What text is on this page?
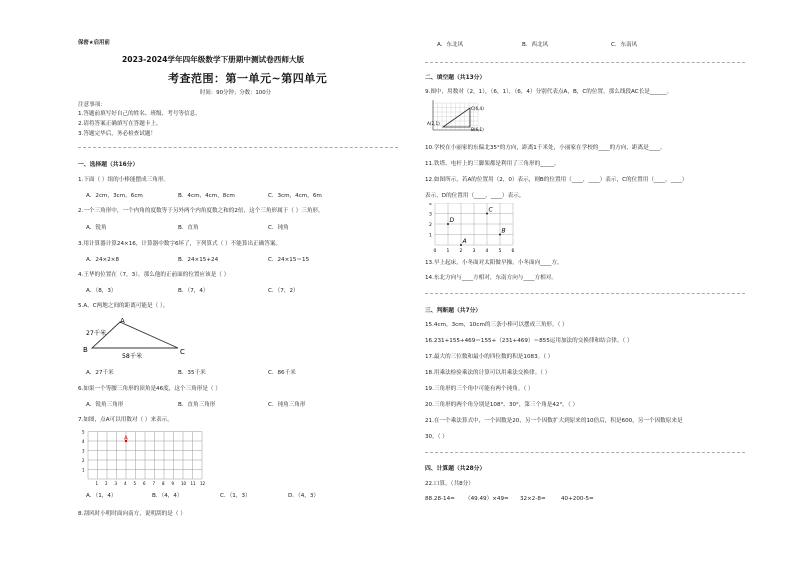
保密★启用前
2023-2024学年四年级数学下册期中测试卷西师大版
考查范围：第一单元~第四单元
时间：90分钟；分数：100分
注意事项：
1.答题前填写好自己的姓名、班级、考号等信息。
2.请将答案正确填写在答题卡上。
3.答题完毕后，务必检查试题！
一、选择题（共16分）
1.下面（ ）组的小棒能摆成三角形。
A．2cm，3cm，6cm	B．4cm，4cm，8cm	C．3cm，4cm，6m
2.一个三角形中，一个内角的度数等于另外两个内角度数之和的2倍，这个三角形属于（ ）三角形。
A．锐角	B．直角	C．钝角
3.用计算器计算24×16，计算器中数字6坏了，下列算式（ ）不能算出正确答案。
A．24×2×8	B．24×15+24	C．24×15＝15
4.王华的位置在（7，3），那么他的正前面的位置应该是（ ）
A．（8，3）	B．（7，4）	C．（7，2）
5.A、C两地之间的距离可能是（ ）。
A
B	C
27千米
58千米
A．27千米	B．35千米	C．86千米
6.如果一个等腰三角形的顶角是46度，这个三角形是（ ）
A．锐角三角形	B．直角三角形	C．钝角三角形
7.如图，点A可以用数对（ ）来表示。
1
2
3
4
5
1 2 3 4 5 6 7 8 9 10 11 12
A
A．（1，4）	B．（4，4）	C．（1，3）	D．（4，3）
8.刮风时小明时面向南方，说明刮的是（ ）
A．东北风	B．西北风	C．东南风
二、填空题（共13分）
9.图中，用数对（2，1），（6，1），（6，4）分别代表点A，B，C的位置，那么线段AC长是______。
A(2,1)
B(6,1)
C(6,4)
10.学校在小丽家的东偏北35°的方向，距离1千米处，小丽家在学校的____的方向，距离是____。
11.铁塔、电杆上的三脚架都是利用了三角形的_____。
12.如图所示，若A的位置用（2，0）表示，则B的位置用（____，____）表示，C的位置用（____，____）
表示，D的位置用（____，____）表示。
1
2
3
4
0 1 2 3 4 5 6
A
B
C
D
13.早上起床，小冬面对太阳做早操，小冬面向____方。
14.东北方向与____方相对，东南方向与____方相对。
三、判断题（共7分）
15.4cm，3cm，10cm的三条小棒可以摆成三角形。（ ）
16.231+155+469＝155+（231+469）＝855运用加法的交换律和结合律。（ ）
17.最大的三位数和最小的四位数的积是1083。（ ）
18.用乘法检验乘法的计算可以用乘法交换律。（ ）
19.三角形的三个角中可能有两个钝角。（ ）
20.三角形的两个角分别是108°、30°，第三个角是42°。（ ）
21.在一个乘法算式中，一个因数是20，另一个因数扩大到原来的10倍后，积是600，另一个因数原来是
30。（ ）
四、计算题（共28分）
22.口算。（共8分）
88.28-14= （49.49）×49= 32×2-8=	40+200-5=
